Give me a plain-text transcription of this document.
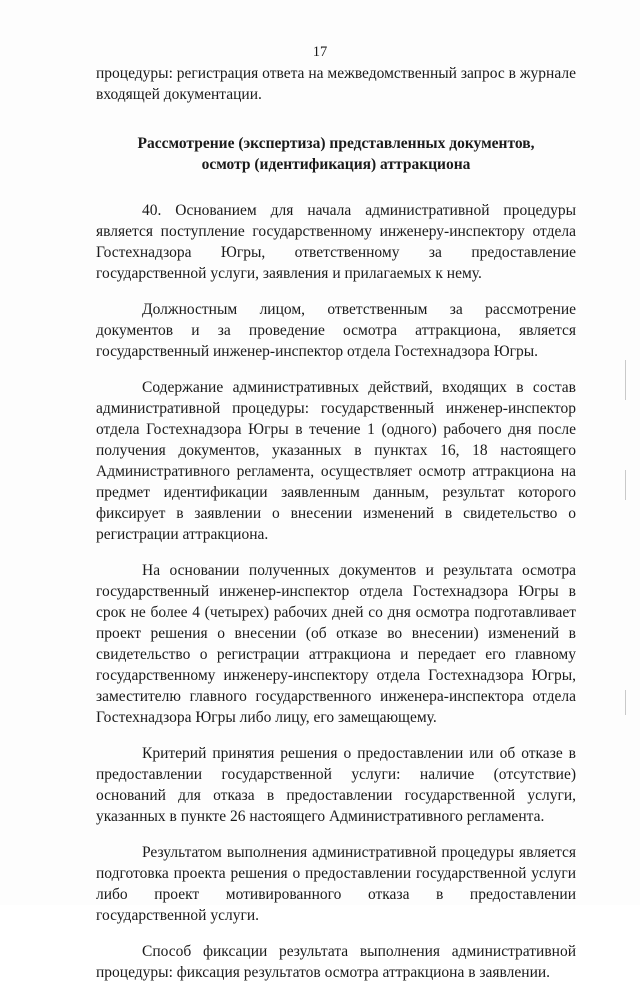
17

процедуры: регистрация ответа на межведомственный запрос в журнале входящей документации.

Рассмотрение (экспертиза) представленных документов,
осмотр (идентификация) аттракциона

40. Основанием для начала административной процедуры является поступление государственному инженеру-инспектору отдела Гостехнадзора Югры, ответственному за предоставление государственной услуги, заявления и прилагаемых к нему.

Должностным лицом, ответственным за рассмотрение документов и за проведение осмотра аттракциона, является государственный инженер-инспектор отдела Гостехнадзора Югры.

Содержание административных действий, входящих в состав административной процедуры: государственный инженер-инспектор отдела Гостехнадзора Югры в течение 1 (одного) рабочего дня после получения документов, указанных в пунктах 16, 18 настоящего Административного регламента, осуществляет осмотр аттракциона на предмет идентификации заявленным данным, результат которого фиксирует в заявлении о внесении изменений в свидетельство о регистрации аттракциона.

На основании полученных документов и результата осмотра государственный инженер-инспектор отдела Гостехнадзора Югры в срок не более 4 (четырех) рабочих дней со дня осмотра подготавливает проект решения о внесении (об отказе во внесении) изменений в свидетельство о регистрации аттракциона и передает его главному государственному инженеру-инспектору отдела Гостехнадзора Югры, заместителю главного государственного инженера-инспектора отдела Гостехнадзора Югры либо лицу, его замещающему.

Критерий принятия решения о предоставлении или об отказе в предоставлении государственной услуги: наличие (отсутствие) оснований для отказа в предоставлении государственной услуги, указанных в пункте 26 настоящего Административного регламента.

Результатом выполнения административной процедуры является подготовка проекта решения о предоставлении государственной услуги либо проект мотивированного отказа в предоставлении государственной услуги.

Способ фиксации результата выполнения административной процедуры: фиксация результатов осмотра аттракциона в заявлении.
